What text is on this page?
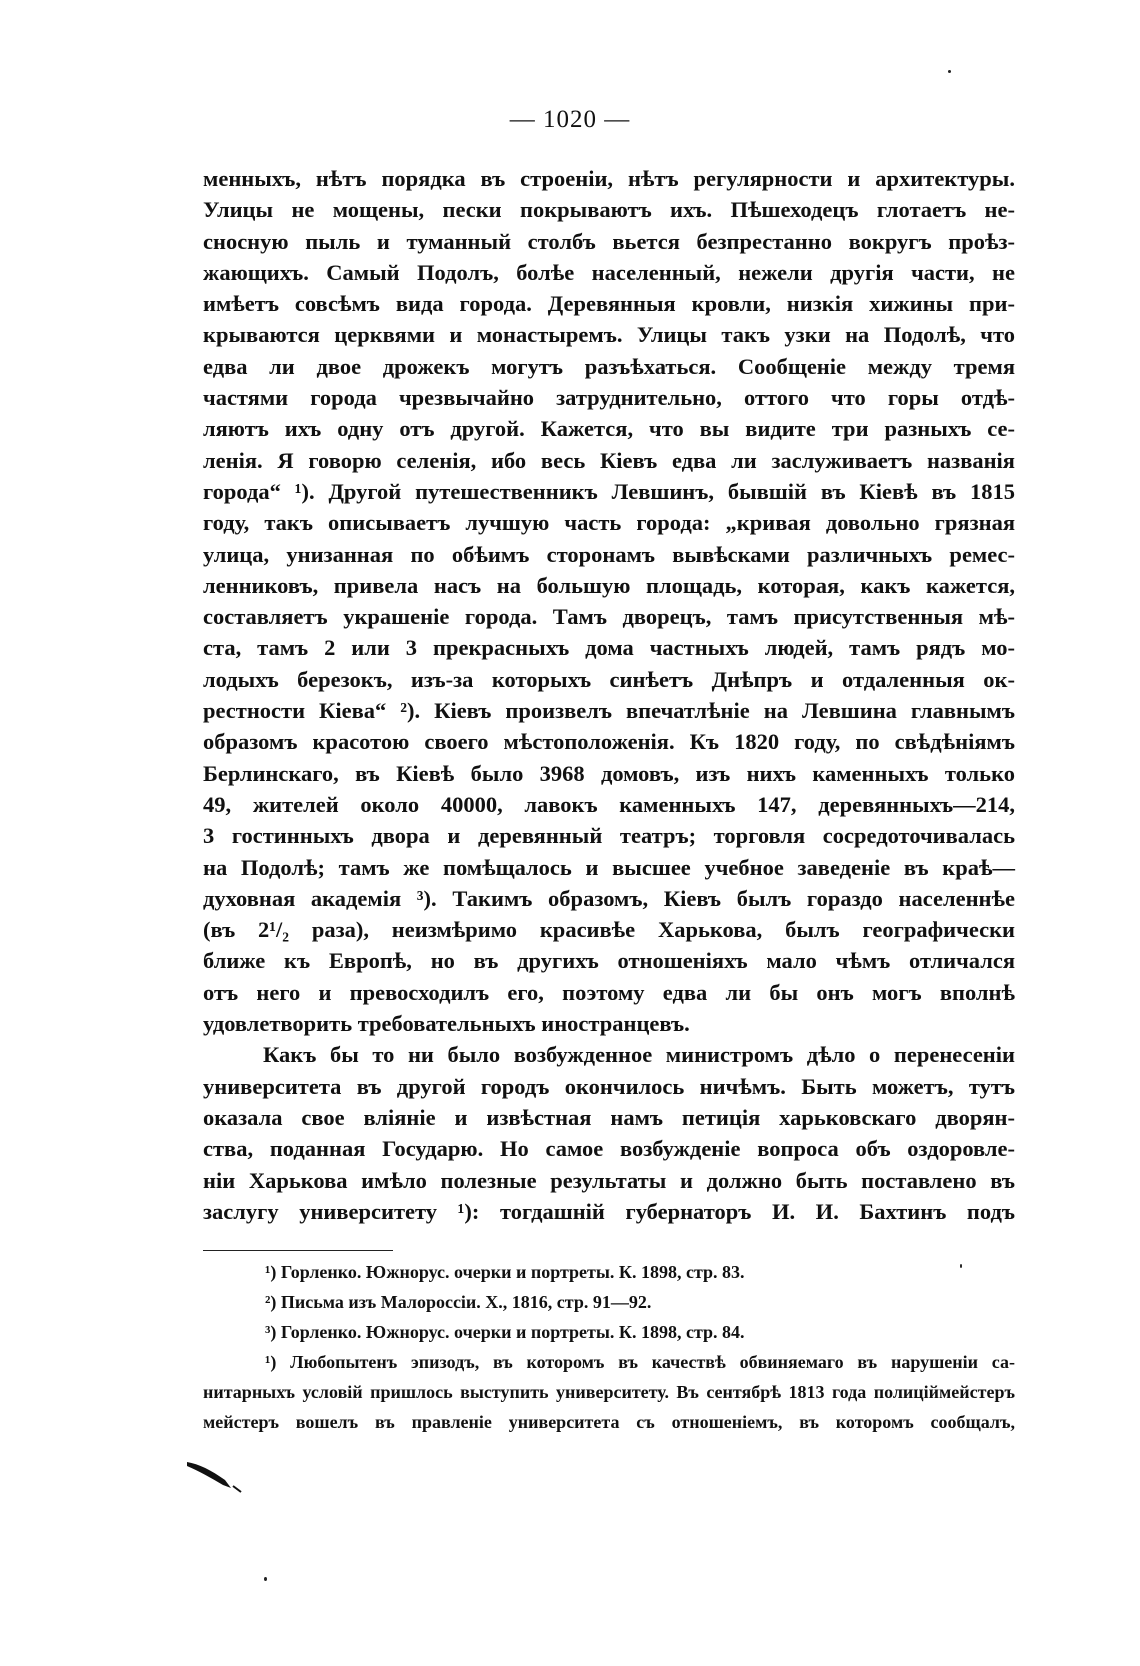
— 1020 —
менныхъ, нѣтъ порядка въ строеніи, нѣтъ регулярности и архитектуры.
Улицы не мощены, пески покрываютъ ихъ. Пѣшеходецъ глотаетъ не-
сносную пыль и туманный столбъ вьется безпрестанно вокругъ проѣз-
жающихъ. Самый Подолъ, болѣе населенный, нежели другія части, не
имѣетъ совсѣмъ вида города. Деревянныя кровли, низкія хижины при-
крываются церквями и монастыремъ. Улицы такъ узки на Подолѣ, что
едва ли двое дрожекъ могутъ разъѣхаться. Сообщеніе между тремя
частями города чрезвычайно затруднительно, оттого что горы отдѣ-
ляютъ ихъ одну отъ другой. Кажется, что вы видите три разныхъ се-
ленія. Я говорю селенія, ибо весь Кіевъ едва ли заслуживаетъ названія
города“ ¹). Другой путешественникъ Левшинъ, бывшій въ Кіевѣ въ 1815
году, такъ описываетъ лучшую часть города: „кривая довольно грязная
улица, унизанная по обѣимъ сторонамъ вывѣсками различныхъ ремес-
ленниковъ, привела насъ на большую площадь, которая, какъ кажется,
составляетъ украшеніе города. Тамъ дворецъ, тамъ присутственныя мѣ-
ста, тамъ 2 или 3 прекрасныхъ дома частныхъ людей, тамъ рядъ мо-
лодыхъ березокъ, изъ-за которыхъ синѣетъ Днѣпръ и отдаленныя ок-
рестности Кіева“ ²). Кіевъ произвелъ впечатлѣніе на Левшина главнымъ
образомъ красотою своего мѣстоположенія. Къ 1820 году, по свѣдѣніямъ
Берлинскаго, въ Кіевѣ было 3968 домовъ, изъ нихъ каменныхъ только
49, жителей около 40000, лавокъ каменныхъ 147, деревянныхъ—214,
3 гостинныхъ двора и деревянный театръ; торговля сосредоточивалась
на Подолѣ; тамъ же помѣщалось и высшее учебное заведеніе въ краѣ—
духовная академія ³). Такимъ образомъ, Кіевъ былъ гораздо населеннѣе
(въ 2¹/₂ раза), неизмѣримо красивѣе Харькова, былъ географически
ближе къ Европѣ, но въ другихъ отношеніяхъ мало чѣмъ отличался
отъ него и превосходилъ его, поэтому едва ли бы онъ могъ вполнѣ
удовлетворить требовательныхъ иностранцевъ.
Какъ бы то ни было возбужденное министромъ дѣло о перенесеніи
университета въ другой городъ окончилось ничѣмъ. Быть можетъ, тутъ
оказала свое вліяніе и извѣстная намъ петиція харьковскаго дворян-
ства, поданная Государю. Но самое возбужденіе вопроса объ оздоровле-
ніи Харькова имѣло полезные результаты и должно быть поставлено въ
заслугу университету ¹): тогдашній губернаторъ И. И. Бахтинъ подъ
¹) Горленко. Южнорус. очерки и портреты. К. 1898, стр. 83.
²) Письма изъ Малороссіи. Х., 1816, стр. 91—92.
³) Горленко. Южнорус. очерки и портреты. К. 1898, стр. 84.
¹) Любопытенъ эпизодъ, въ которомъ въ качествѣ обвиняемаго въ нарушеніи са-
нитарныхъ условій пришлось выступить университету. Въ сентябрѣ 1813 года полиціймейстеръ
мейстеръ вошелъ въ правленіе университета съ отношеніемъ, въ которомъ сообщалъ,
